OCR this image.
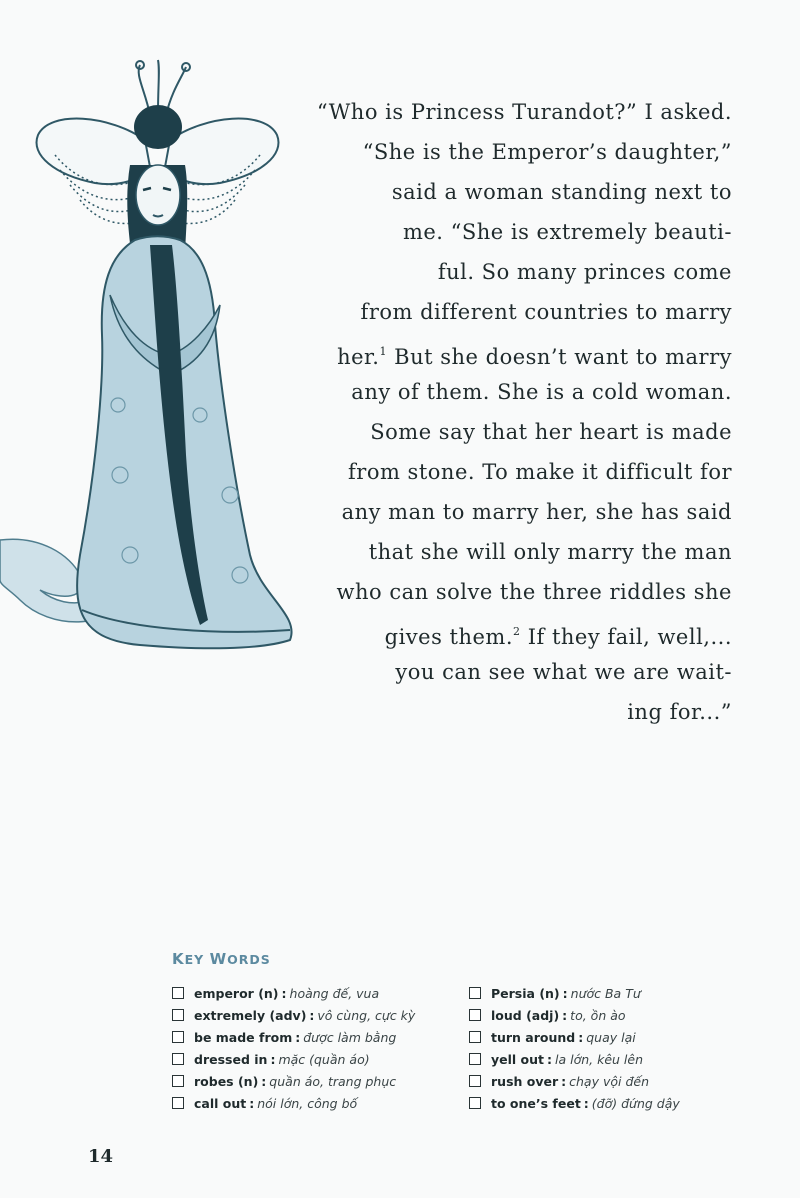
“Who is Princess Turandot?” I asked.
“She is the Emperor’s daughter,”
said a woman standing next to
me. “She is extremely beauti-
ful. So many princes come
from different countries to marry
her.$^1$ But she doesn’t want to marry
any of them. She is a cold woman.
Some say that her heart is made
from stone. To make it difficult for
any man to marry her, she has said
that she will only marry the man
who can solve the three riddles she
gives them.$^2$ If they fail, well,...
you can see what we are wait-
ing for...”
KEY WORDS
emperor (n) : hoàng đế, vua
extremely (adv) : vô cùng, cực kỳ
be made from : được làm bằng
dressed in : mặc (quần áo)
robes (n) : quần áo, trang phục
call out : nói lớn, công bố
Persia (n) : nước Ba Tư
loud (adj) : to, ồn ào
turn around : quay lại
yell out : la lớn, kêu lên
rush over : chạy vội đến
to one’s feet : (đỡ) đứng dậy
14
